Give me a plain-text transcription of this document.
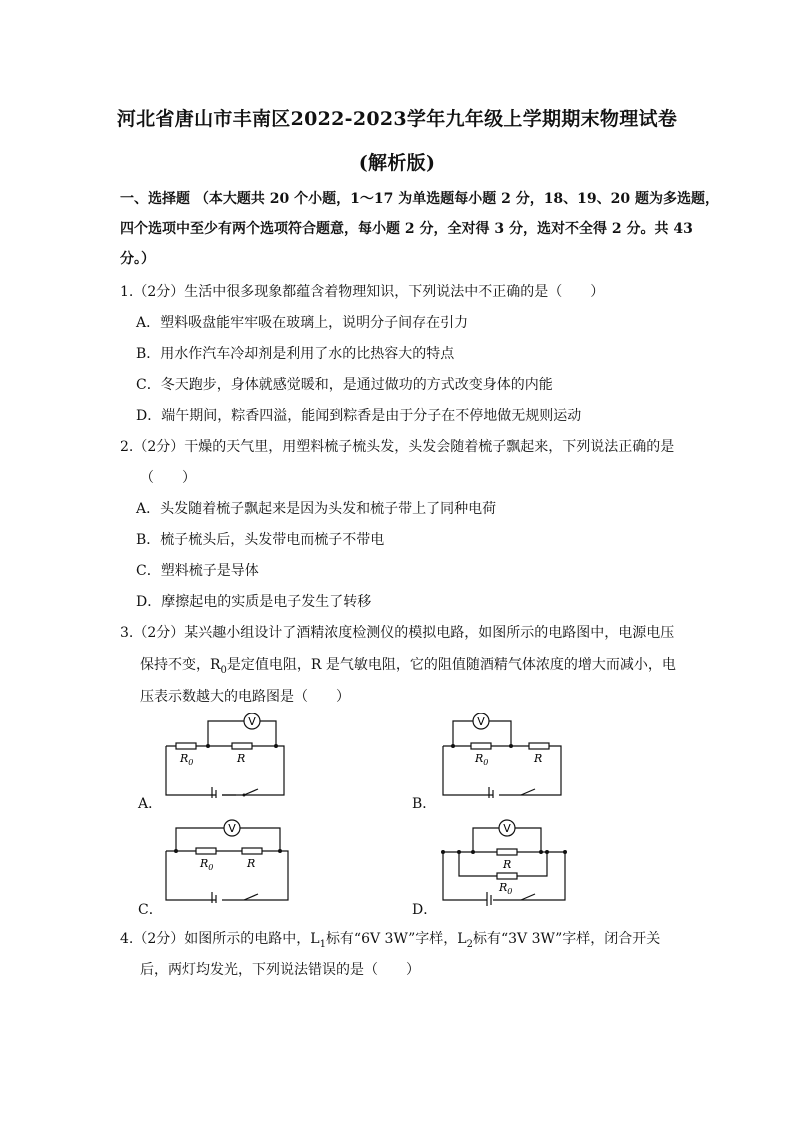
河北省唐山市丰南区2022-2023学年九年级上学期期末物理试卷
(解析版)
一、选择题 （本大题共 20 个小题，1～17 为单选题每小题 2 分，18、19、20 题为多选题，
四个选项中至少有两个选项符合题意，每小题 2 分，全对得 3 分，选对不全得 2 分。共 43
分。）
1.（2分）生活中很多现象都蕴含着物理知识，下列说法中不正确的是（　　）
A．塑料吸盘能牢牢吸在玻璃上，说明分子间存在引力
B．用水作汽车冷却剂是利用了水的比热容大的特点
C．冬天跑步，身体就感觉暖和，是通过做功的方式改变身体的内能
D．端午期间，粽香四溢，能闻到粽香是由于分子在不停地做无规则运动
2.（2分）干燥的天气里，用塑料梳子梳头发，头发会随着梳子飘起来，下列说法正确的是
（　　）
A．头发随着梳子飘起来是因为头发和梳子带上了同种电荷
B．梳子梳头后，头发带电而梳子不带电
C．塑料梳子是导体
D．摩擦起电的实质是电子发生了转移
3.（2分）某兴趣小组设计了酒精浓度检测仪的模拟电路，如图所示的电路图中，电源电压
保持不变，$R_0$是定值电阻，R 是气敏电阻，它的阻值随酒精气体浓度的增大而减小，电
压表示数越大的电路图是（　　）
V
$R_0$	R
A．
V
$R_0$	R
B．
V
$R_0$	R
C．
V
R
$R_0$
D．
4.（2分）如图所示的电路中，$L_1$标有“6V 3W”字样，$L_2$标有“3V 3W”字样，闭合开关
后，两灯均发光，下列说法错误的是（　　）
